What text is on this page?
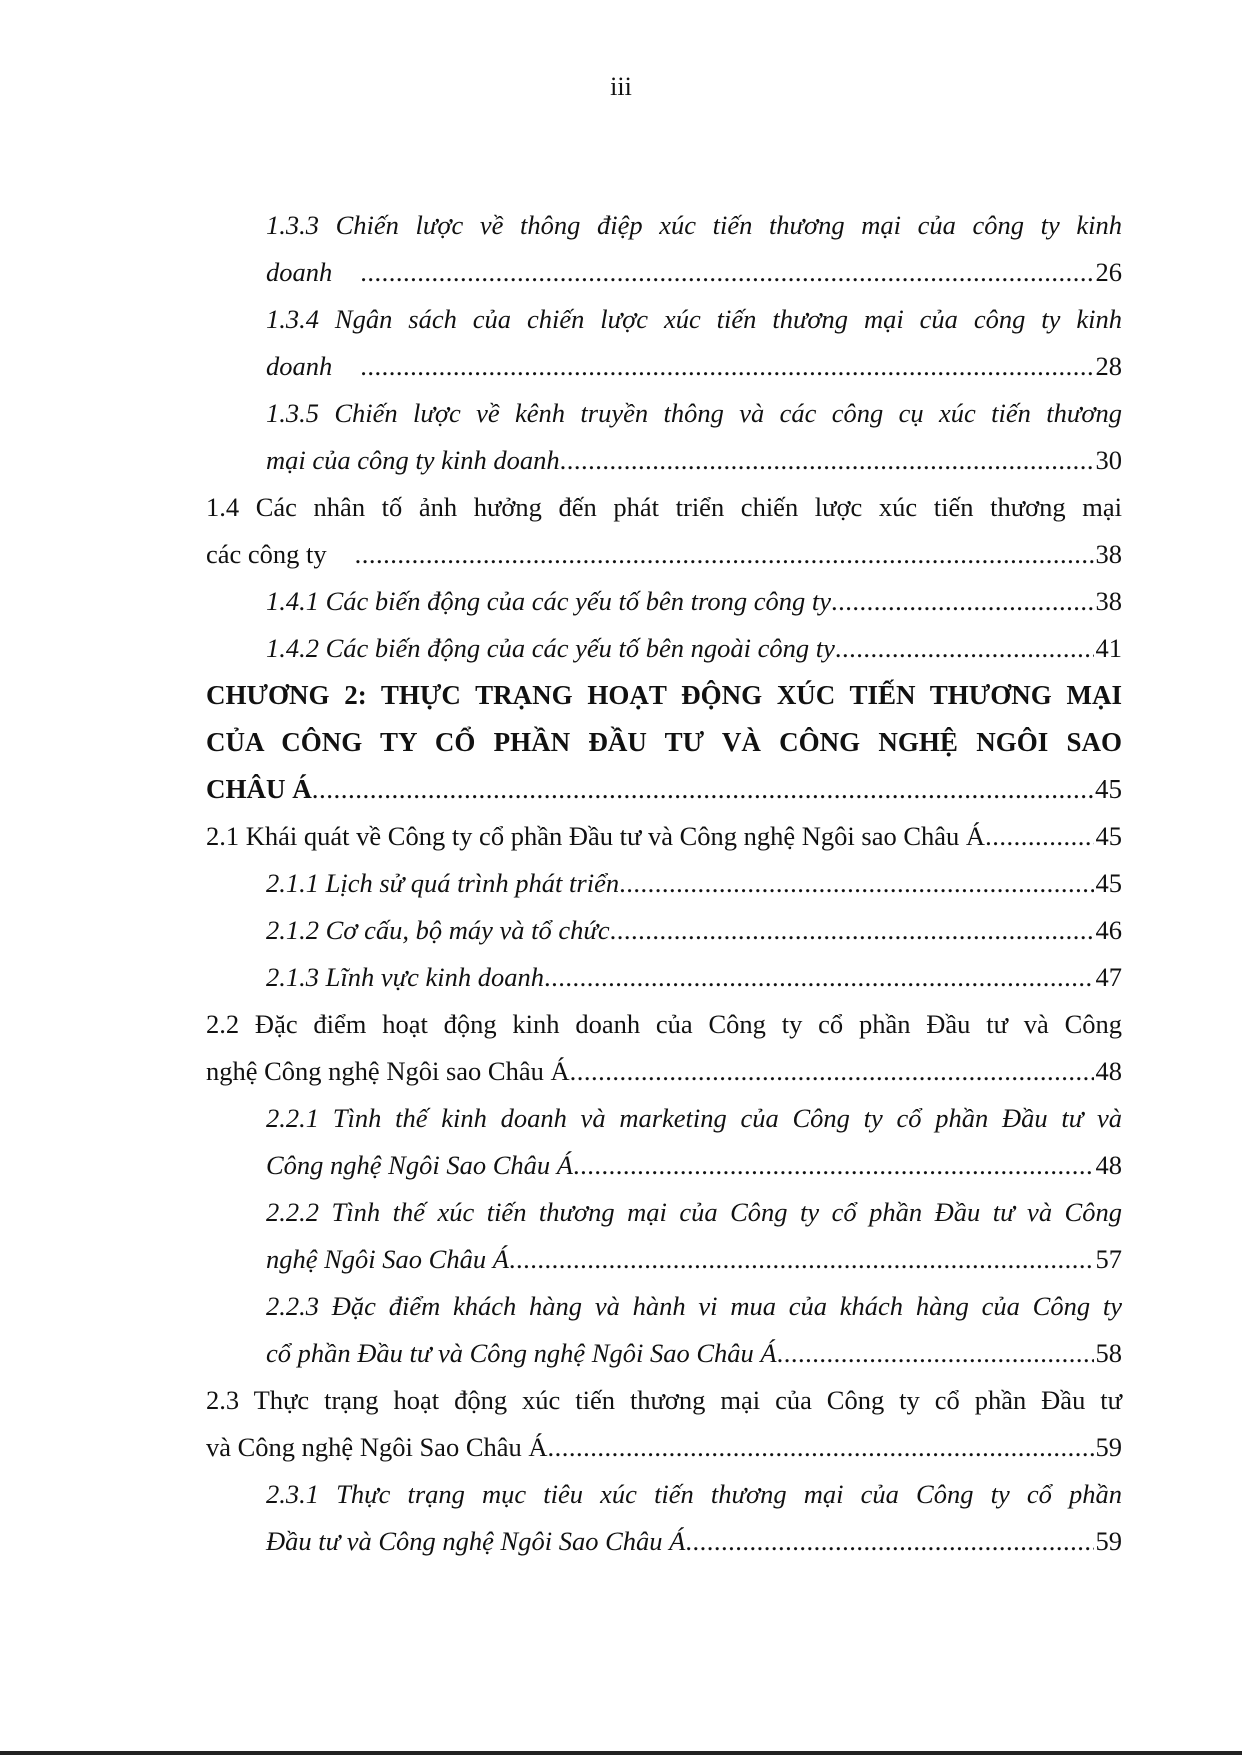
iii

1.3.3 Chiến lược về thông điệp xúc tiến thương mại của công ty kinh

doanh .....	26

1.3.4 Ngân sách của chiến lược xúc tiến thương mại của công ty kinh

doanh .....	28

1.3.5 Chiến lược về kênh truyền thông và các công cụ xúc tiến thương

mại của công ty kinh doanh .....	30

1.4 Các nhân tố ảnh hưởng đến phát triển chiến lược xúc tiến thương mại

các công ty .....	38
1.4.1 Các biến động của các yếu tố bên trong công ty .....	38
1.4.2 Các biến động của các yếu tố bên ngoài công ty .....	41

CHƯƠNG 2: THỰC TRẠNG HOẠT ĐỘNG XÚC TIẾN THƯƠNG MẠI

CỦA CÔNG TY CỔ PHẦN ĐẦU TƯ VÀ CÔNG NGHỆ NGÔI SAO

CHÂU Á .....	45
2.1 Khái quát về Công ty cổ phần Đầu tư và Công nghệ Ngôi sao Châu Á .....	45
2.1.1 Lịch sử quá trình phát triển .....	45
2.1.2 Cơ cấu, bộ máy và tổ chức .....	46
2.1.3 Lĩnh vực kinh doanh .....	47

2.2 Đặc điểm hoạt động kinh doanh của Công ty cổ phần Đầu tư và Công

nghệ Công nghệ Ngôi sao Châu Á .....	48

2.2.1 Tình thế kinh doanh và marketing của Công ty cổ phần Đầu tư và

Công nghệ Ngôi Sao Châu Á .....	48

2.2.2 Tình thế xúc tiến thương mại của Công ty cổ phần Đầu tư và Công

nghệ Ngôi Sao Châu Á .....	57

2.2.3 Đặc điểm khách hàng và hành vi mua của khách hàng của Công ty

cổ phần Đầu tư và Công nghệ Ngôi Sao Châu Á .....	58

2.3 Thực trạng hoạt động xúc tiến thương mại của Công ty cổ phần Đầu tư

và Công nghệ Ngôi Sao Châu Á .....	59

2.3.1 Thực trạng mục tiêu xúc tiến thương mại của Công ty cổ phần

Đầu tư và Công nghệ Ngôi Sao Châu Á .....	59
